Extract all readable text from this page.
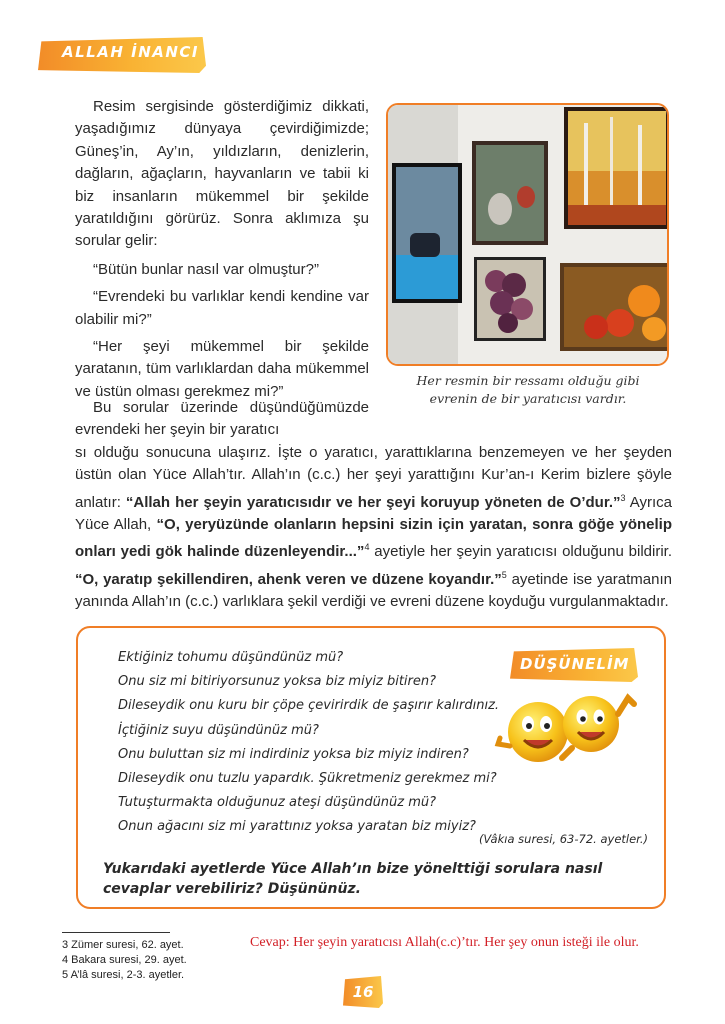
ALLAH İNANCI

Resim sergisinde gösterdiğimiz dikkati, yaşadığımız dünyaya çevirdiğimizde; Güneş’in, Ay’ın, yıldızların, denizlerin, dağların, ağaçların, hayvanların ve tabii ki biz insanların mükemmel bir şekilde yaratıldığını görürüz. Sonra aklımıza şu sorular gelir:

“Bütün bunlar nasıl var olmuştur?”

“Evrendeki bu varlıklar kendi kendine var olabilir mi?”

“Her şeyi mükemmel bir şekilde yaratanın, tüm varlıklardan daha mükemmel ve üstün olması gerekmez mi?”

Her resmin bir ressamı olduğu gibi
evrenin de bir yaratıcısı vardır.

Bu sorular üzerinde düşündüğümüzde evrendeki her şeyin bir yaratıcı

sı olduğu sonucuna ulaşırız. İşte o yaratıcı, yarattıklarına benzemeyen ve her şeyden üstün olan Yüce Allah’tır. Allah’ın (c.c.) her şeyi yarattığını Kur’an-ı Kerim bizlere şöyle anlatır: “Allah her şeyin yaratıcısıdır ve her şeyi koruyup yöneten de O’dur.”$^3$ Ayrıca Yüce Allah, “O, yeryüzünde olanların hepsini sizin için yaratan, sonra göğe yönelip onları yedi gök halinde düzenleyendir...”$^4$ ayetiyle her şeyin yaratıcısı olduğunu bildirir. “O, yaratıp şekillendiren, ahenk veren ve düzene koyandır.”$^5$ ayetinde ise yaratmanın yanında Allah’ın (c.c.) varlıklara şekil verdiği ve evreni düzene koyduğu vurgulanmaktadır.
Ektiğiniz tohumu düşündünüz mü?
Onu siz mi bitiriyorsunuz yoksa biz miyiz bitiren?
Dileseydik onu kuru bir çöpe çevirirdik de şaşırır kalırdınız.
İçtiğiniz suyu düşündünüz mü?
Onu buluttan siz mi indirdiniz yoksa biz miyiz indiren?
Dileseydik onu tuzlu yapardık. Şükretmeniz gerekmez mi?
Tutuşturmakta olduğunuz ateşi düşündünüz mü?
Onun ağacını siz mi yarattınız yoksa yaratan biz miyiz?
(Vâkıa suresi, 63-72. ayetler.)
Yukarıdaki ayetlerde Yüce Allah’ın bize yönelttiği sorulara nasıl cevaplar verebiliriz? Düşününüz.
DÜŞÜNELİM
3 Zümer suresi, 62. ayet.
4 Bakara suresi, 29. ayet.
5 A’lâ suresi, 2-3. ayetler.
Cevap: Her şeyin yaratıcısı Allah(c.c)’tır. Her şey onun isteği ile olur.
16
